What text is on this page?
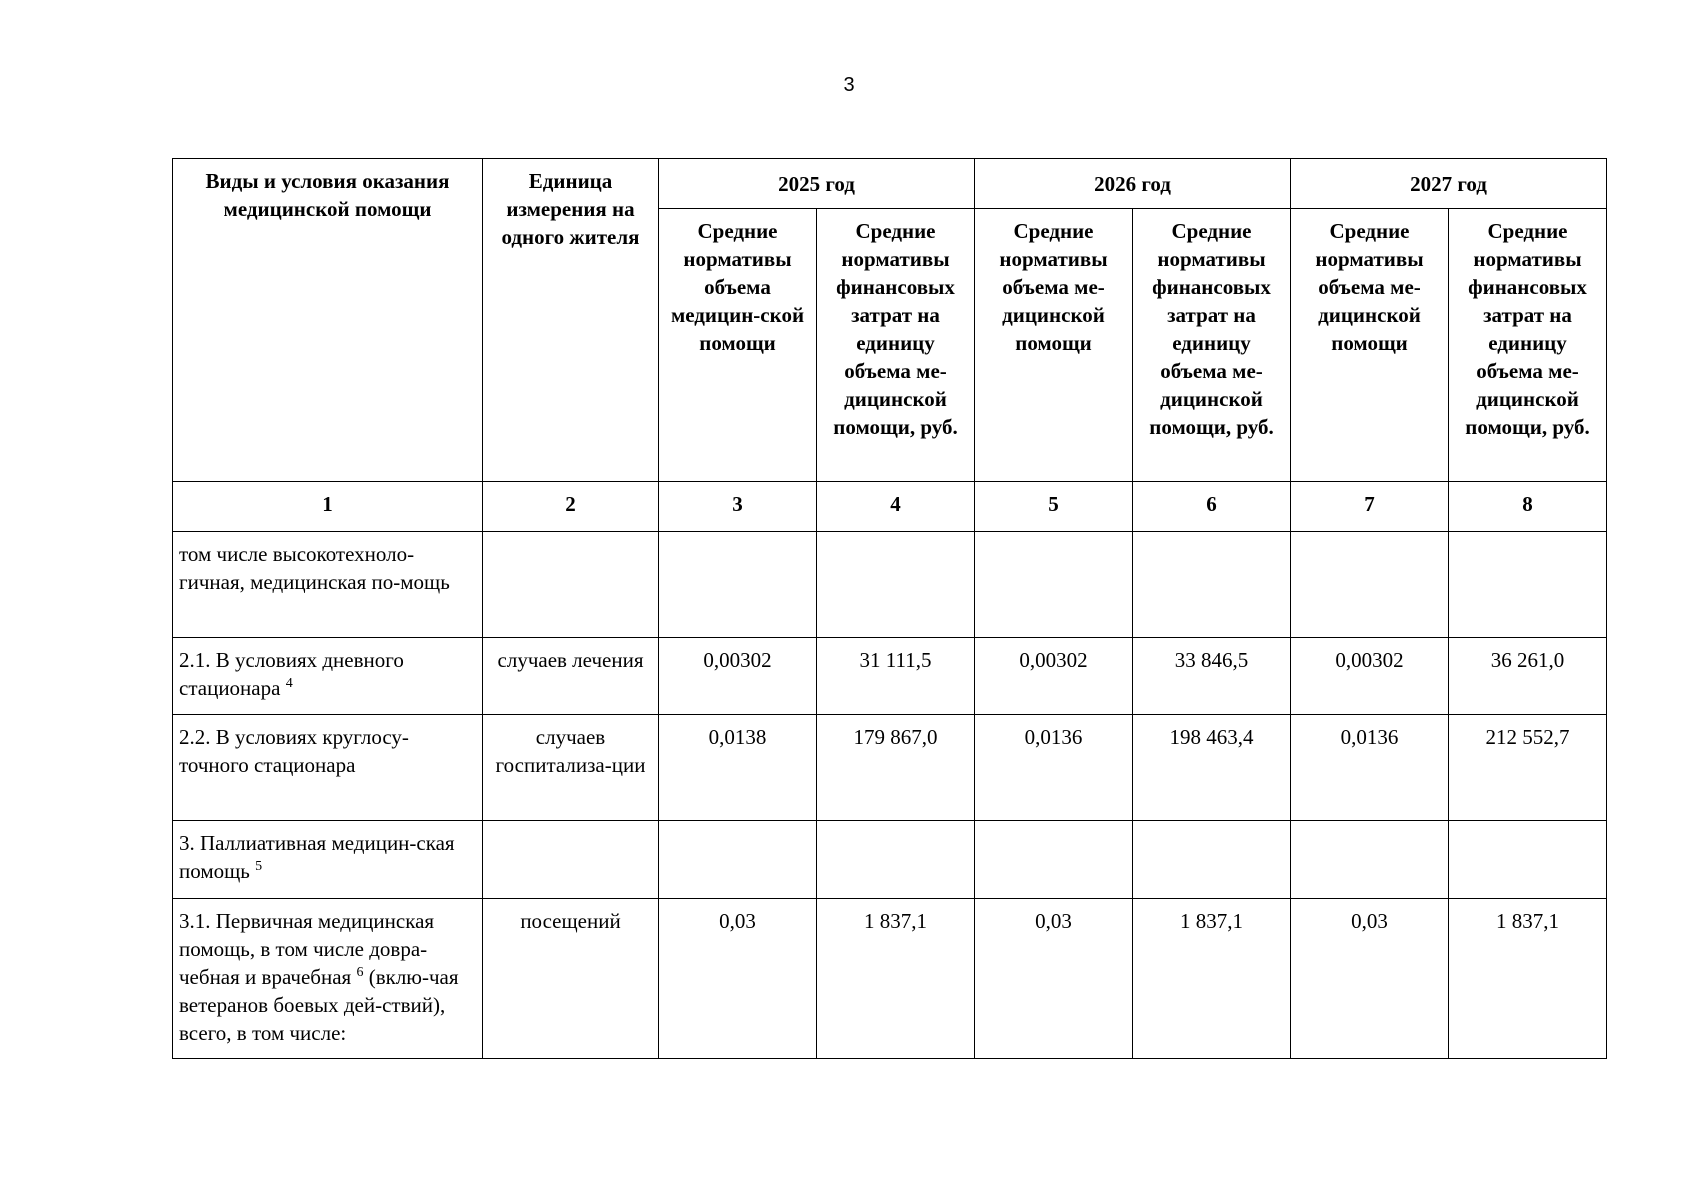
3
Виды и условия оказания медицинской помощи	Единица измерения на одного жителя	2025 год		2026 год		2027 год	
		Средние нормативы объема медицин-ской помощи	Средние нормативы финансовых затрат на единицу объема ме-дицинской помощи, руб.	Средние нормативы объема ме-дицинской помощи	Средние нормативы финансовых затрат на единицу объема ме-дицинской помощи, руб.	Средние нормативы объема ме-дицинской помощи	Средние нормативы финансовых затрат на единицу объема ме-дицинской помощи, руб.
1	2	3	4	5	6	7	8
том числе высокотехноло-гичная, медицинская по-мощь							
2.1. В условиях дневного стационара $^4$	случаев лечения	0,00302	31 111,5	0,00302	33 846,5	0,00302	36 261,0
2.2. В условиях круглосу-точного стационара	случаев госпитализа-ции	0,0138	179 867,0	0,0136	198 463,4	0,0136	212 552,7
3. Паллиативная медицин-ская помощь $^5$							
3.1. Первичная медицинская помощь, в том числе довра-чебная и врачебная $^6$ (вклю-чая ветеранов боевых дей-ствий), всего, в том числе:	посещений	0,03	1 837,1	0,03	1 837,1	0,03	1 837,1
